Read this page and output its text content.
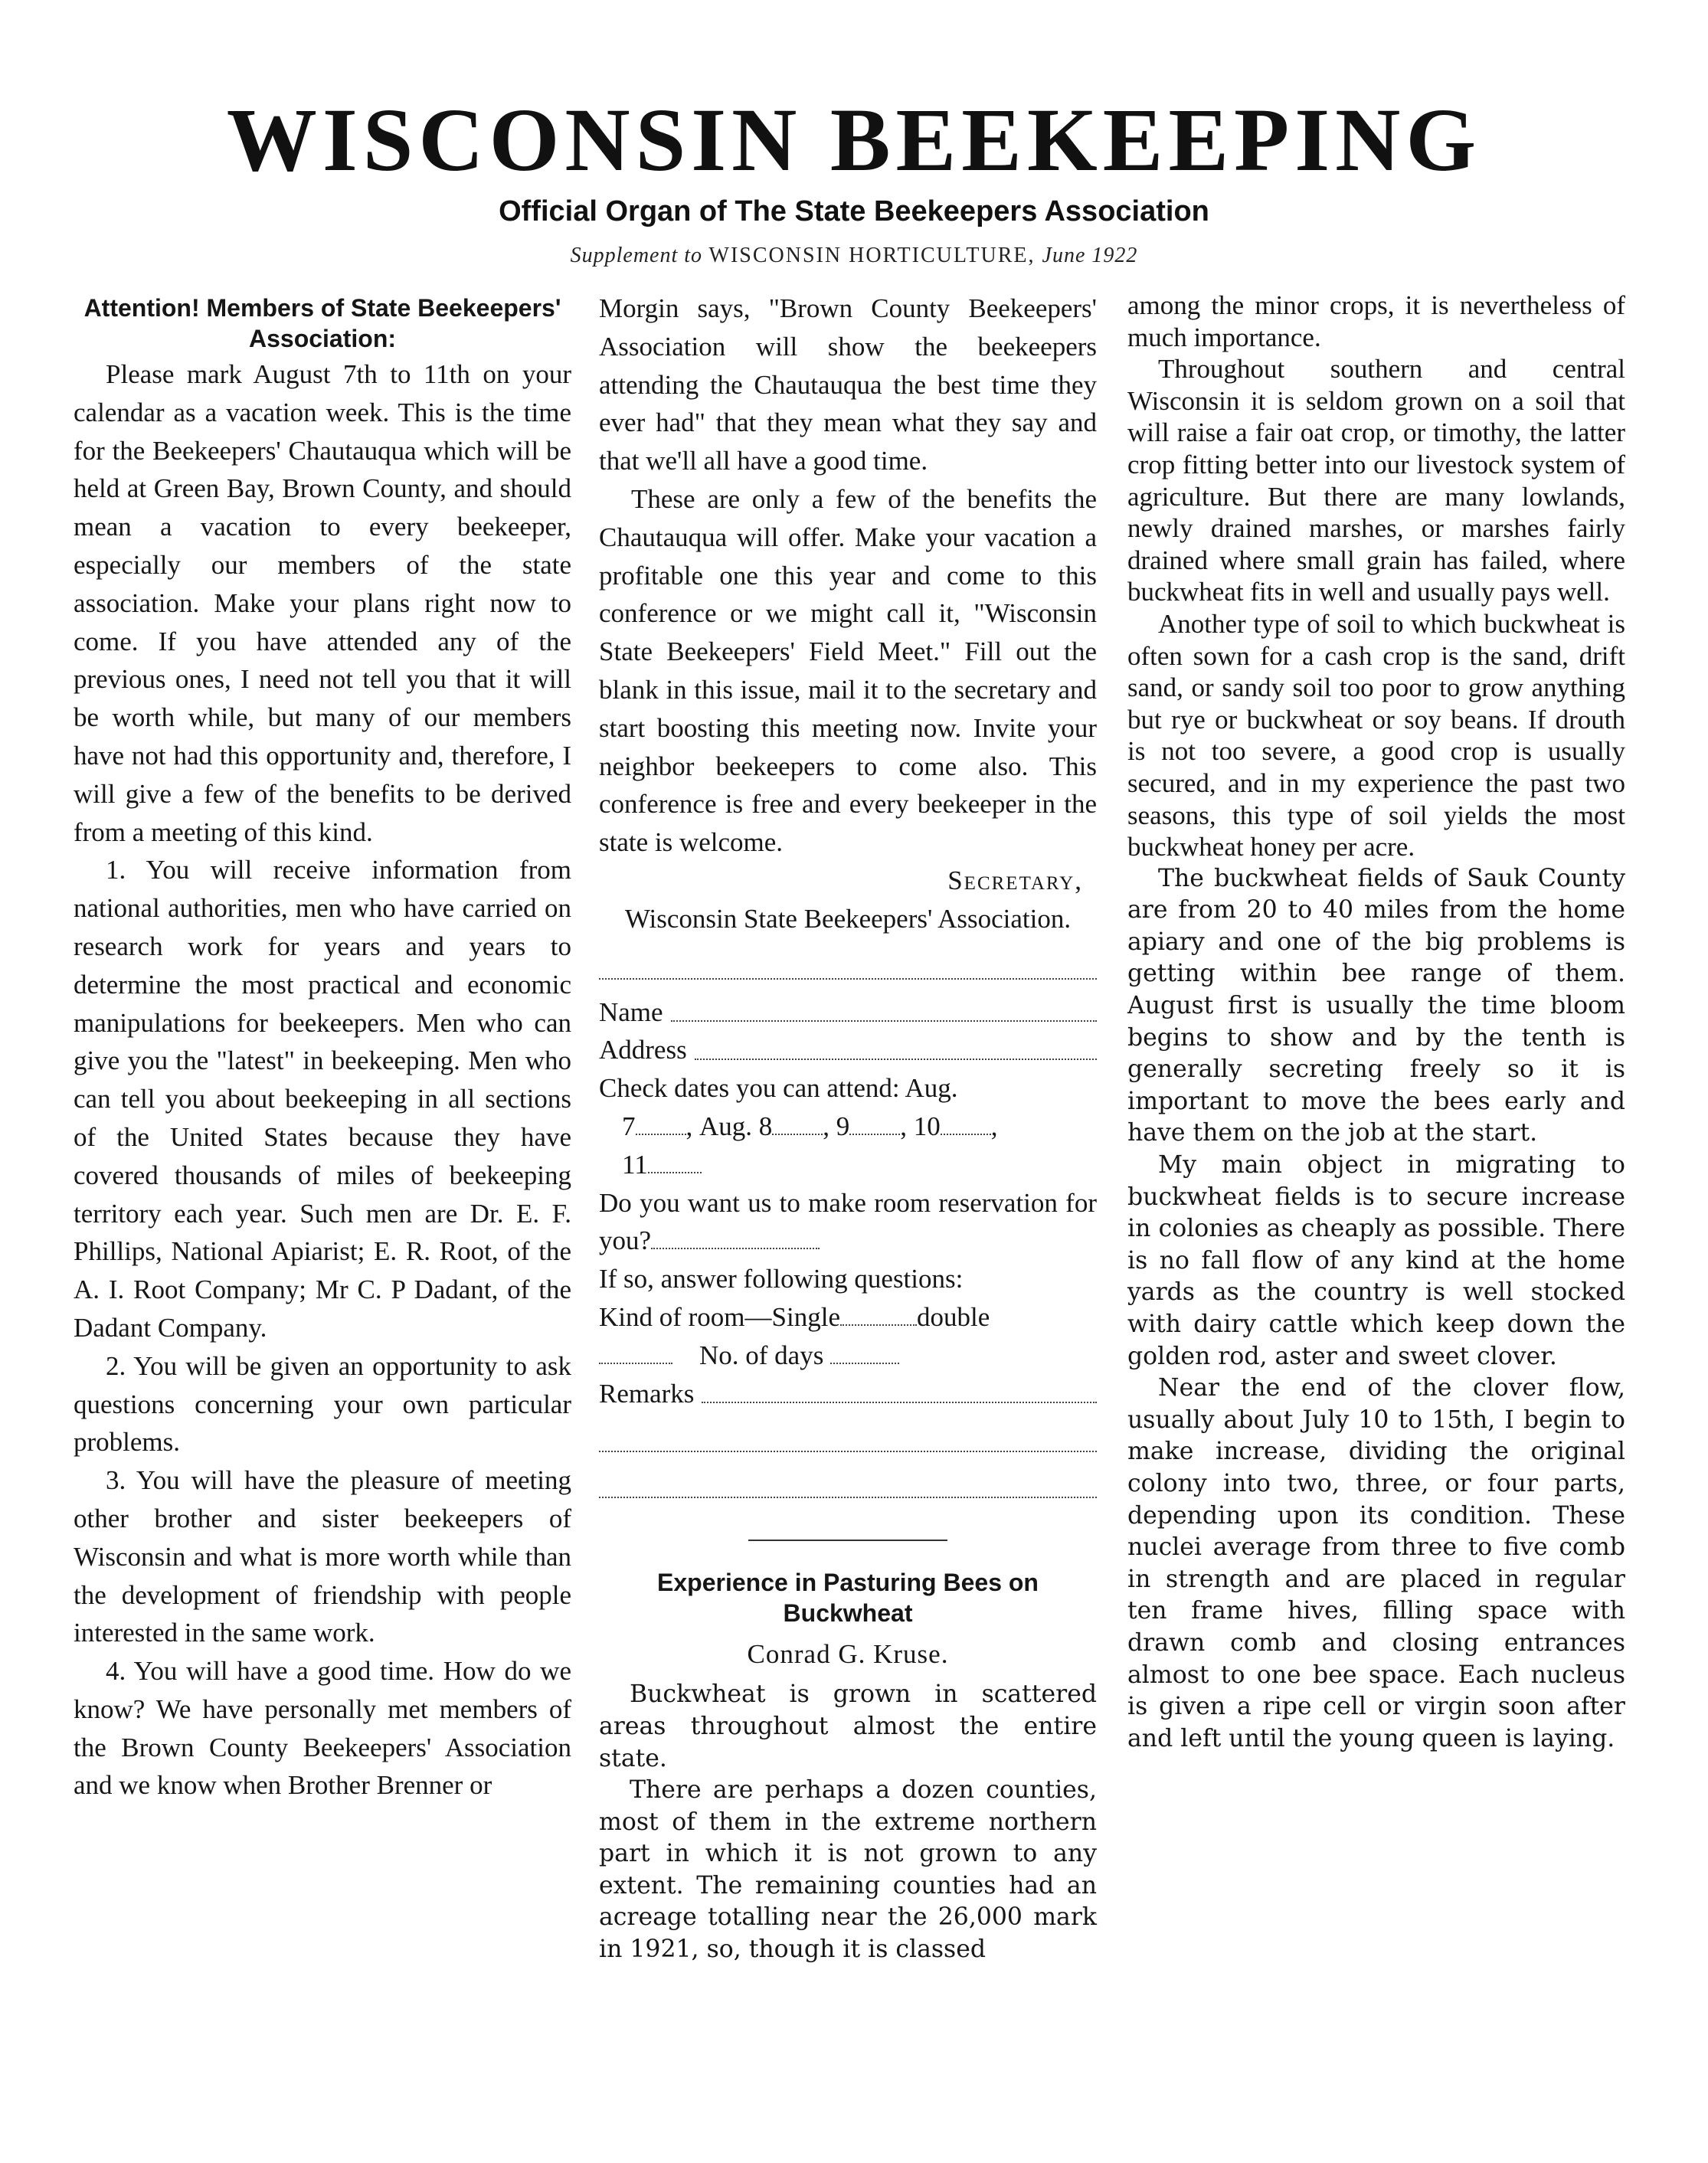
WISCONSIN BEEKEEPING
Official Organ of The State Beekeepers Association
Supplement to WISCONSIN HORTICULTURE, June 1922
Attention! Members of State Beekeepers' Association:

Please mark August 7th to 11th on your calendar as a vacation week. This is the time for the Beekeepers' Chautauqua which will be held at Green Bay, Brown County, and should mean a vacation to every beekeeper, especially our members of the state association. Make your plans right now to come. If you have attended any of the previous ones, I need not tell you that it will be worth while, but many of our members have not had this opportunity and, therefore, I will give a few of the benefits to be derived from a meeting of this kind.

1. You will receive information from national authorities, men who have carried on research work for years and years to determine the most practical and economic manipulations for beekeepers. Men who can give you the "latest" in beekeeping. Men who can tell you about beekeeping in all sections of the United States because they have covered thousands of miles of beekeeping territory each year. Such men are Dr. E. F. Phillips, National Apiarist; E. R. Root, of the A. I. Root Company; Mr C. P Dadant, of the Dadant Company.

2. You will be given an opportunity to ask questions concerning your own particular problems.

3. You will have the pleasure of meeting other brother and sister beekeepers of Wisconsin and what is more worth while than the development of friendship with people interested in the same work.

4. You will have a good time. How do we know? We have personally met members of the Brown County Beekeepers' Association and we know when Brother Brenner or

Morgin says, "Brown County Beekeepers' Association will show the beekeepers attending the Chautauqua the best time they ever had" that they mean what they say and that we'll all have a good time.

These are only a few of the benefits the Chautauqua will offer. Make your vacation a profitable one this year and come to this conference or we might call it, "Wisconsin State Beekeepers' Field Meet." Fill out the blank in this issue, mail it to the secretary and start boosting this meeting now. Invite your neighbor beekeepers to come also. This conference is free and every beekeeper in the state is welcome.

Secretary,
Wisconsin State Beekeepers' Association.
Name
Address
Check dates you can attend: Aug.
7 , Aug. 8 , 9 , 10 ,
11
Do you want us to make room reservation for you?
If so, answer following questions:
Kind of room—Single	double

No. of days

Remarks
Experience in Pasturing Bees on Buckwheat
Conrad G. Kruse.

Buckwheat is grown in scattered areas throughout almost the entire state.

There are perhaps a dozen counties, most of them in the extreme northern part in which it is not grown to any extent. The remaining counties had an acreage totalling near the 26,000 mark in 1921, so, though it is classed

among the minor crops, it is nevertheless of much importance.

Throughout southern and central Wisconsin it is seldom grown on a soil that will raise a fair oat crop, or timothy, the latter crop fitting better into our livestock system of agriculture. But there are many lowlands, newly drained marshes, or marshes fairly drained where small grain has failed, where buckwheat fits in well and usually pays well.

Another type of soil to which buckwheat is often sown for a cash crop is the sand, drift sand, or sandy soil too poor to grow anything but rye or buckwheat or soy beans. If drouth is not too severe, a good crop is usually secured, and in my experience the past two seasons, this type of soil yields the most buckwheat honey per acre.

The buckwheat fields of Sauk County are from 20 to 40 miles from the home apiary and one of the big problems is getting within bee range of them. August first is usually the time bloom begins to show and by the tenth is generally secreting freely so it is important to move the bees early and have them on the job at the start.

My main object in migrating to buckwheat fields is to secure increase in colonies as cheaply as possible. There is no fall flow of any kind at the home yards as the country is well stocked with dairy cattle which keep down the golden rod, aster and sweet clover.

Near the end of the clover flow, usually about July 10 to 15th, I begin to make increase, dividing the original colony into two, three, or four parts, depending upon its condition. These nuclei average from three to five comb in strength and are placed in regular ten frame hives, filling space with drawn comb and closing entrances almost to one bee space. Each nucleus is given a ripe cell or virgin soon after and left until the young queen is laying.
